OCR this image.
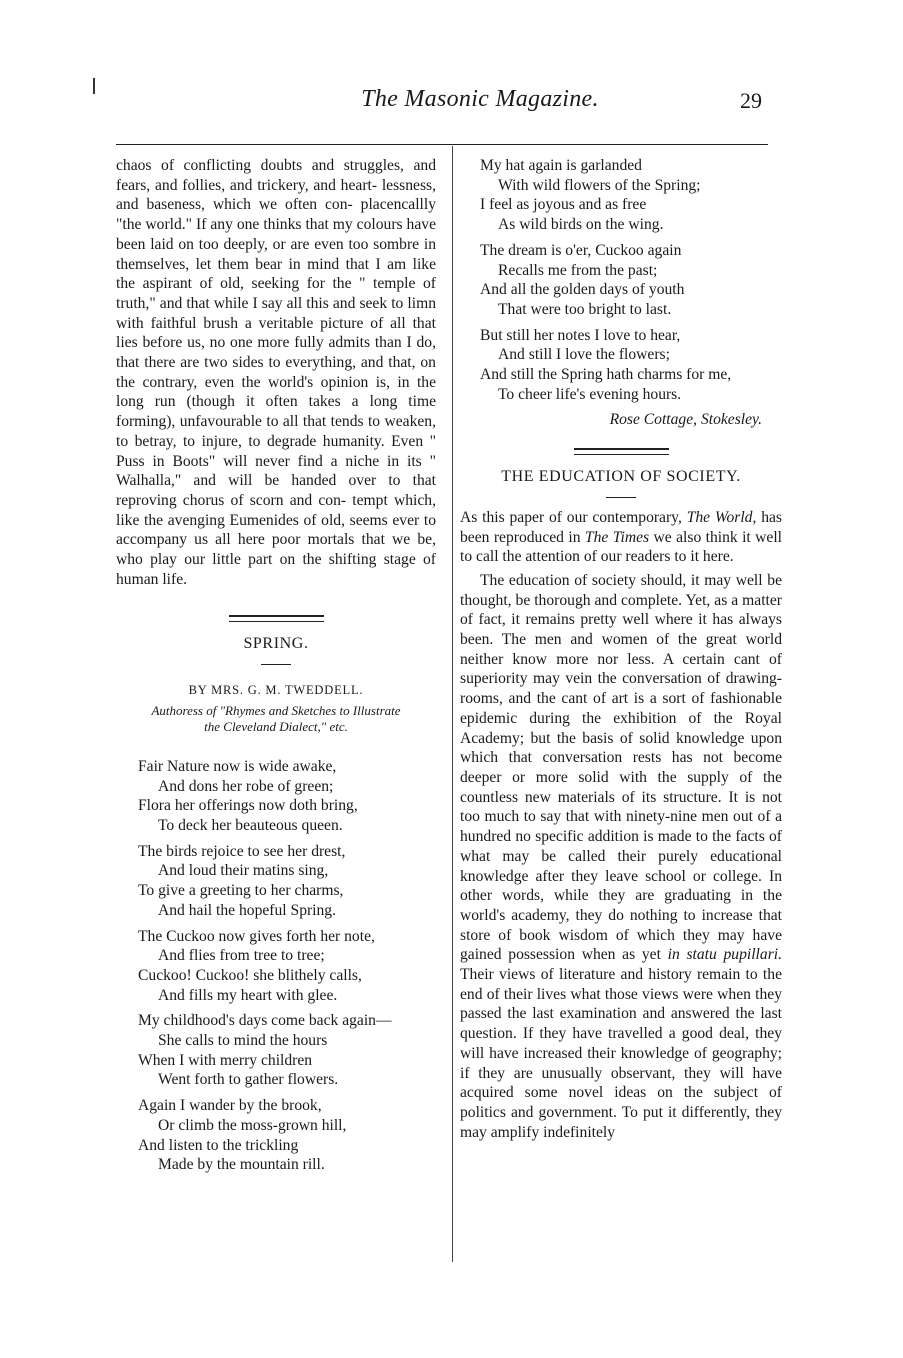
The Masonic Magazine.	29

chaos of conflicting doubts and struggles, and fears, and follies, and trickery, and heart- lessness, and baseness, which we often con- placencallly "the world." If any one thinks that my colours have been laid on too deeply, or are even too sombre in themselves, let them bear in mind that I am like the aspirant of old, seeking for the " temple of truth," and that while I say all this and seek to limn with faithful brush a veritable picture of all that lies before us, no one more fully admits than I do, that there are two sides to everything, and that, on the contrary, even the world's opinion is, in the long run (though it often takes a long time forming), unfavourable to all that tends to weaken, to betray, to injure, to degrade humanity. Even " Puss in Boots" will never find a niche in its " Walhalla," and will be handed over to that reproving chorus of scorn and con- tempt which, like the avenging Eumenides of old, seems ever to accompany us all here poor mortals that we be, who play our little part on the shifting stage of human life.

SPRING.
BY MRS. G. M. TWEDDELL.
Authoress of "Rhymes and Sketches to Illustrate
the Cleveland Dialect," etc.
Fair Nature now is wide awake,
And dons her robe of green;
Flora her offerings now doth bring,
To deck her beauteous queen.
The birds rejoice to see her drest,
And loud their matins sing,
To give a greeting to her charms,
And hail the hopeful Spring.
The Cuckoo now gives forth her note,
And flies from tree to tree;
Cuckoo! Cuckoo! she blithely calls,
And fills my heart with glee.
My childhood's days come back again—
She calls to mind the hours
When I with merry children
Went forth to gather flowers.
Again I wander by the brook,
Or climb the moss-grown hill,
And listen to the trickling
Made by the mountain rill.
My hat again is garlanded
With wild flowers of the Spring;
I feel as joyous and as free
As wild birds on the wing.
The dream is o'er, Cuckoo again
Recalls me from the past;
And all the golden days of youth
That were too bright to last.
But still her notes I love to hear,
And still I love the flowers;
And still the Spring hath charms for me,
To cheer life's evening hours.
Rose Cottage, Stokesley.
THE EDUCATION OF SOCIETY.

As this paper of our contemporary, The World, has been reproduced in The Times we also think it well to call the attention of our readers to it here.

The education of society should, it may well be thought, be thorough and complete. Yet, as a matter of fact, it remains pretty well where it has always been. The men and women of the great world neither know more nor less. A certain cant of superiority may vein the conversation of drawing-rooms, and the cant of art is a sort of fashionable epidemic during the exhibition of the Royal Academy; but the basis of solid knowledge upon which that conversation rests has not become deeper or more solid with the supply of the countless new materials of its structure. It is not too much to say that with ninety-nine men out of a hundred no specific addition is made to the facts of what may be called their purely educational knowledge after they leave school or college. In other words, while they are graduating in the world's academy, they do nothing to increase that store of book wisdom of which they may have gained possession when as yet in statu pupillari. Their views of literature and history remain to the end of their lives what those views were when they passed the last examination and answered the last question. If they have travelled a good deal, they will have increased their knowledge of geography; if they are unusually observant, they will have acquired some novel ideas on the subject of politics and government. To put it differently, they may amplify indefinitely
